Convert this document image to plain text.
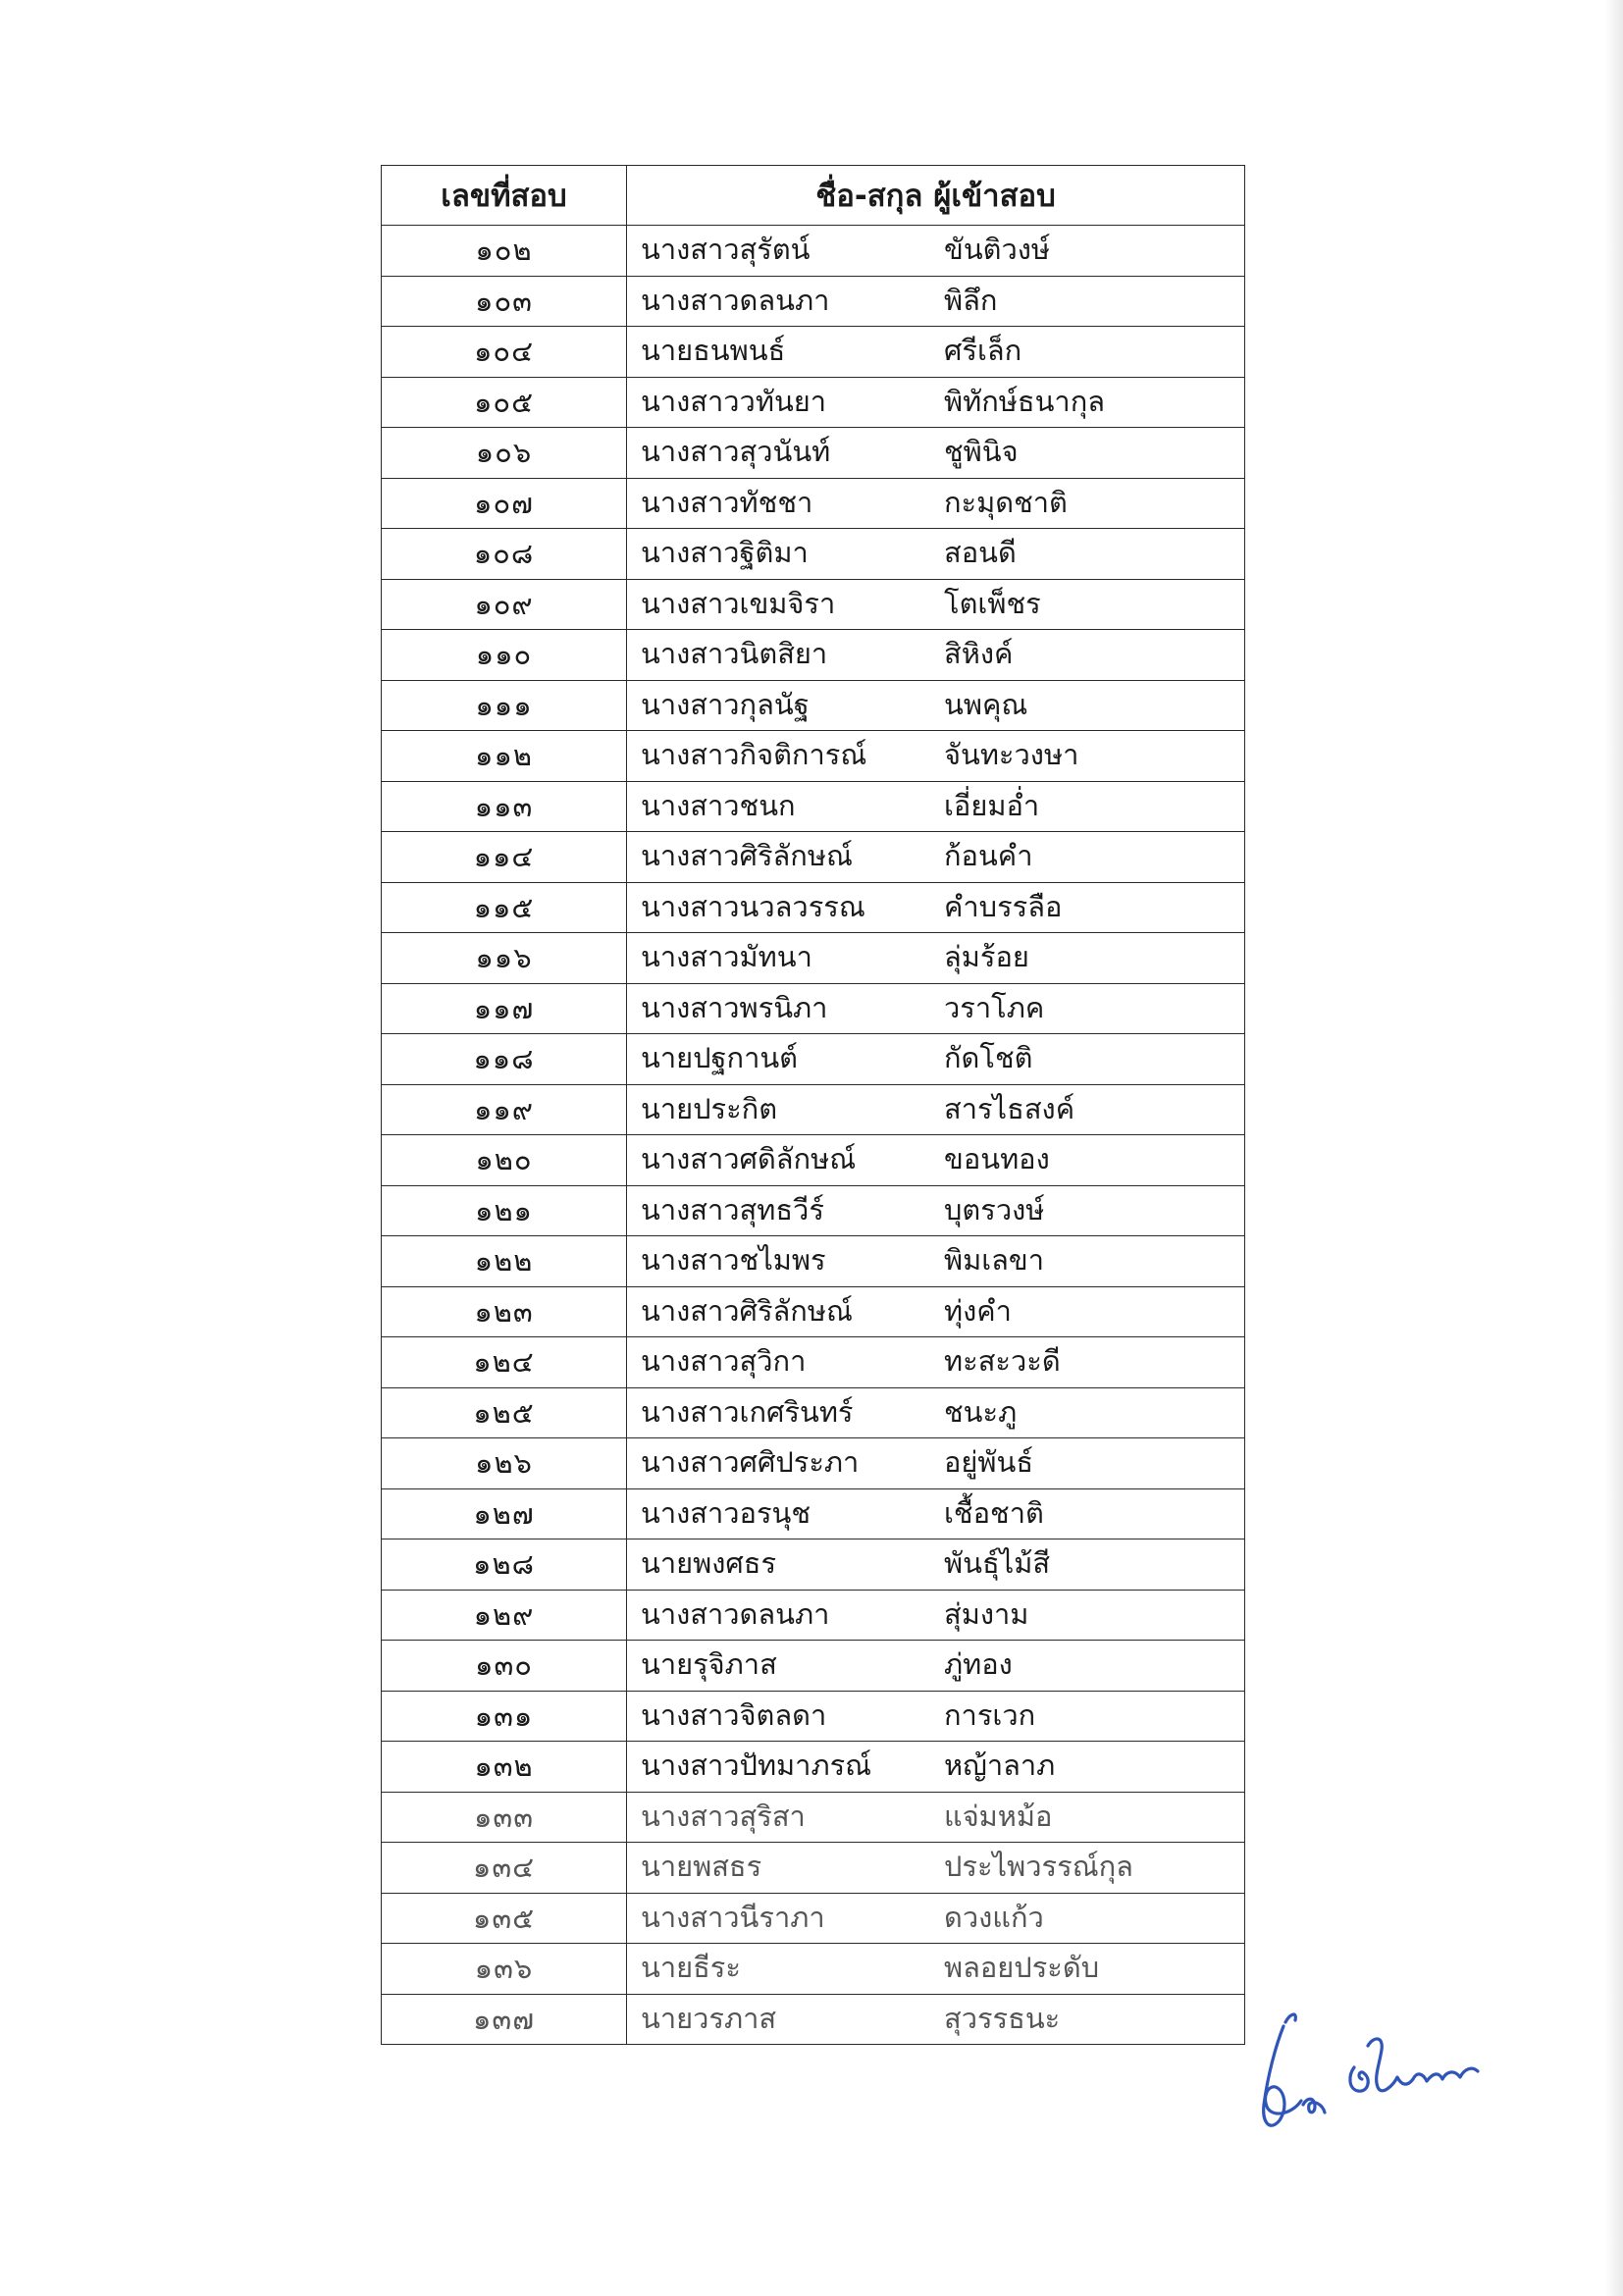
เลขที่สอบ	ชื่อ-สกุล ผู้เข้าสอบ
๑๐๒	นางสาวสุรัตน์ ขันติวงษ์

๑๐๓	นางสาวดลนภา พิลึก

๑๐๔	นายธนพนธ์ ศรีเล็ก

๑๐๕	นางสาววทันยา พิทักษ์ธนากุล

๑๐๖	นางสาวสุวนันท์ ชูพินิจ

๑๐๗	นางสาวทัชชา กะมุดชาติ

๑๐๘	นางสาวฐิติมา สอนดี

๑๐๙	นางสาวเขมจิรา โตเพ็ชร

๑๑๐	นางสาวนิตสิยา สิหิงค์

๑๑๑	นางสาวกุลนัฐ นพคุณ

๑๑๒	นางสาวกิจติการณ์ จันทะวงษา

๑๑๓	นางสาวชนก เอี่ยมอ่ำ

๑๑๔	นางสาวศิริลักษณ์ ก้อนคำ

๑๑๕	นางสาวนวลวรรณ คำบรรลือ

๑๑๖	นางสาวมัทนา ลุ่มร้อย

๑๑๗	นางสาวพรนิภา วราโภค

๑๑๘	นายปฐกานต์ กัดโชติ

๑๑๙	นายประกิต สารไธสงค์

๑๒๐	นางสาวศดิลักษณ์ ขอนทอง

๑๒๑	นางสาวสุทธวีร์ บุตรวงษ์

๑๒๒	นางสาวชไมพร พิมเลขา

๑๒๓	นางสาวศิริลักษณ์ ทุ่งคำ

๑๒๔	นางสาวสุวิกา ทะสะวะดี

๑๒๕	นางสาวเกศรินทร์ ชนะภู

๑๒๖	นางสาวศศิประภา อยู่พันธ์

๑๒๗	นางสาวอรนุช เชื้อชาติ

๑๒๘	นายพงศธร พันธุ์ไม้สี

๑๒๙	นางสาวดลนภา สุ่มงาม

๑๓๐	นายรุจิภาส ภู่ทอง

๑๓๑	นางสาวจิตลดา การเวก

๑๓๒	นางสาวปัทมาภรณ์ หญ้าลาภ

๑๓๓	นางสาวสุริสา แจ่มหม้อ

๑๓๔	นายพสธร ประไพวรรณ์กุล

๑๓๕	นางสาวนีราภา ดวงแก้ว

๑๓๖	นายธีระ พลอยประดับ

๑๓๗	นายวรภาส สุวรรธนะ
